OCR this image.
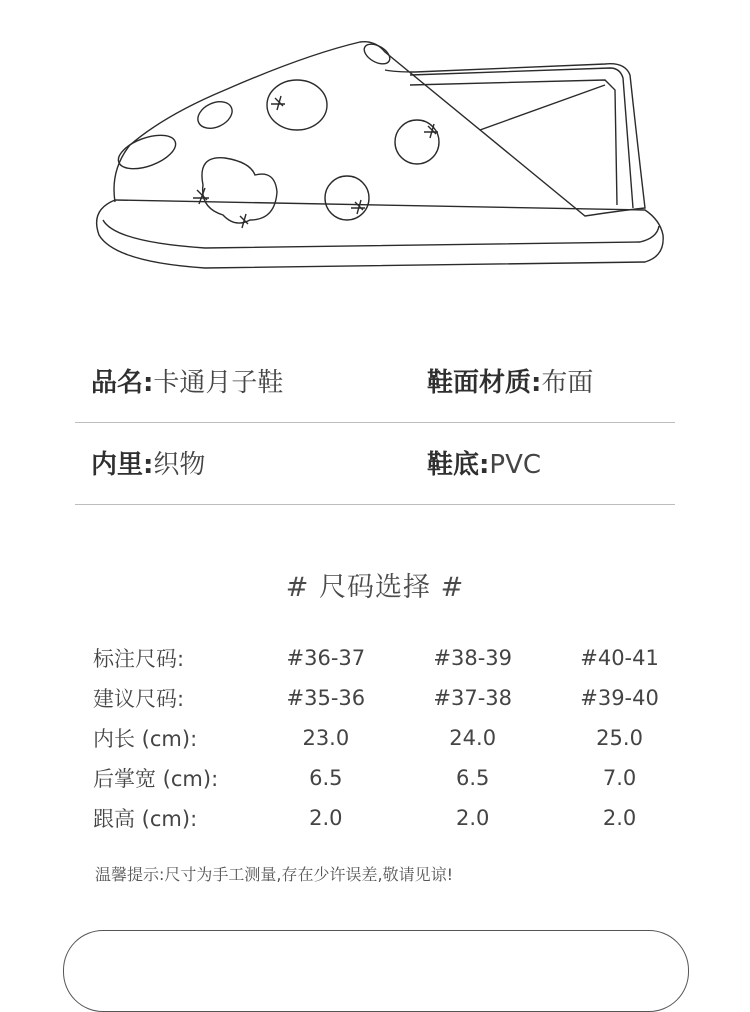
品名:卡通月子鞋	鞋面材质:布面
内里:织物	鞋底:PVC
# 尺码选择 #
标注尺码:	#36-37	#38-39	#40-41
建议尺码:	#35-36	#37-38	#39-40
内长 (cm):	23.0	24.0	25.0
后掌宽 (cm):	6.5	6.5	7.0
跟高 (cm):	2.0	2.0	2.0
温馨提示:尺寸为手工测量,存在少许误差,敬请见谅!
